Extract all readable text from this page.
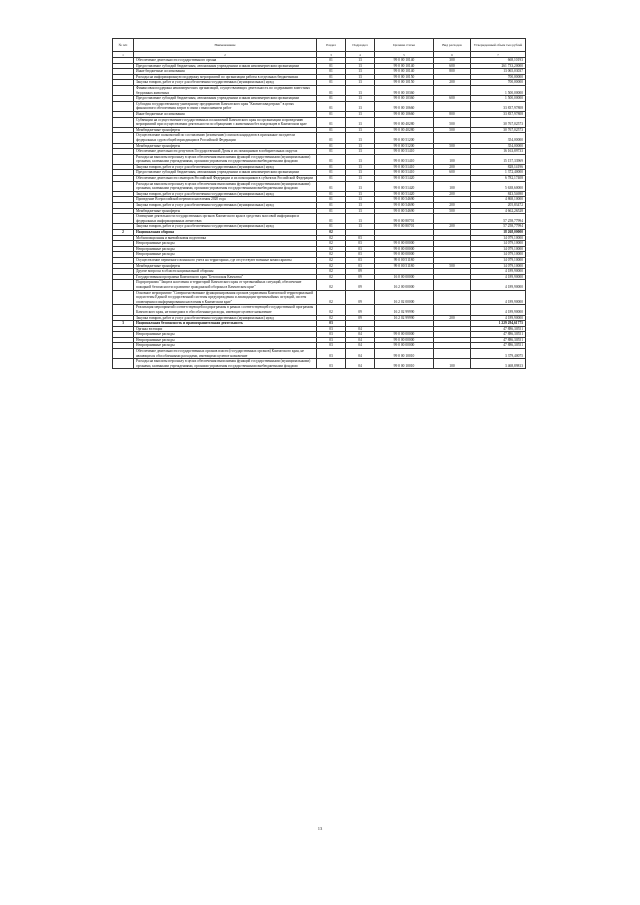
№ п/п	Наименование	Раздел	Подраздел	Целевая статья	Вид расходов	Утвержденный объем тыс.рублей
1	2	3	4	5	6	7
	Обеспечение деятельности государственного органа	01	13	99 0 00 10140	300	668,10193
	Предоставление субсидий бюджетным, автономным учреждениям и иным некоммерческим организациям	01	13	99 0 00 10140	600	261 733,20000
	Иные бюджетные ассигнования	01	13	99 0 00 10140	800	13 065,03037
	Расходы на информационную поддержку мероприятий по организации работы в отдельных бюджетниках	01	13	99 0 00 10150		700,00000
	Закупка товаров, работ и услуг для обеспечения государственных (муниципальных) нужд	01	13	99 0 00 10150	200	700,00000
	Финансовая поддержка некоммерческих организаций, осуществляющих деятельность по содержанию заместных бездомных животных	01	13	99 0 00 10360		1 500,00000
	Предоставление субсидий бюджетным, автономным учреждениям и иным некоммерческим организациям	01	13	99 0 00 10360	600	1 500,00000
	Субсидия государственному унитарному предприятию Камчатского края "Камчатсквадотранс" в целях финансового обеспечения затрат в связи с выполнением работ	01	13	99 0 00 10660		33 837,97808
	Иные бюджетные ассигнования	01	13	99 0 00 10660	800	33 837,97808
	Субвенции на осуществление государственных полномочий Камчатского края по организации и проведению мероприятий при осуществлении деятельности по обращению с животными без владельцев в Камчатском крае	01	13	99 0 00 40280	500	30 767,02573
	Межбюджетные трансферты	01	13	99 0 00 40280	500	30 767,02573
	Осуществление полномочий по составлению (изменению) списков кандидатов в присяжные заседатели федеральных судов общей юрисдикции в Российской Федерации	01	13	99 0 00 51200		354,00000
	Межбюджетные трансферты	01	13	99 0 00 51200	500	354,00000
	Обеспечение деятельности депутатов Государственной Думы и их помощников в избирательных округах	01	13	99 0 00 51410		16 163,89733
	Расходы на выплаты персоналу в целях обеспечения выполнения функций государственными (муниципальными) органами, казенными учреждениями, органами управления государственными внебюджетными фондами	01	13	99 0 00 51410	100	15 157,33969
	Закупка товаров, работ и услуг для обеспечения государственных (муниципальных) нужд	01	13	99 0 00 51410	200	828,14196
	Предоставление субсидий бюджетным, автономным учреждениям и иным некоммерческим организациям	01	13	99 0 00 51410	600	1 372,40000
	Обеспечение деятельности сенаторов Российской Федерации и их помощников в субъектах Российской Федерации	01	13	99 0 00 51420		6 782,17408
	Расходы на выплаты персоналу в целях обеспечения выполнения функций государственными (муниципальными) органами, казенными учреждениями, органами управления государственными внебюджетными фондами	01	13	99 0 00 51420	100	5 638,60000
	Закупка товаров, работ и услуг для обеспечения государственных (муниципальных) нужд	01	13	99 0 00 51420	200	843,54690
	Проведение Всероссийской переписи населения 2020 года	01	13	99 0 00 54690		4 868,10000
	Закупка товаров, работ и услуг для обеспечения государственных (муниципальных) нужд	01	13	99 0 00 54690	200	205,83472
	Межбюджетные трансферты	01	13	99 0 00 54690	500	4 662,26528
	Освещение деятельности государственных органов Камчатского края в средствах массовой информации и федеральных информационных агентствах	01	13	99 0 00 80701		57 258,77994
	Закупка товаров, работ и услуг для обеспечения государственных (муниципальных) нужд	01	13	99 0 00 80701	200	57 258,77994
2	Национальная оборона	02				18 268,00000
	Мобилизационная и вневойсковая подготовка	02	03			14 079,10000
	Непрограммные расходы	02	03	99 0 00 00000		14 079,10000
	Непрограммные расходы	02	03	99 0 00 00000		14 079,10000
	Непрограммные расходы	02	03	99 0 00 00000		14 079,10000
	Осуществление первичного воинского учета на территориях, где отсутствуют военные комиссариаты	02	03	99 0 00 51180		14 079,10000
	Межбюджетные трансферты	02	03	99 0 00 51180	500	14 079,10000
	Другие вопросы в области национальной обороны	02	09			4 189,90000
	Государственная программа Камчатского края "Безопасная Камчатка"	02	09	16 0 00 00000		4 189,90000
	Подпрограмма "Защита населения и территорий Камчатского края от чрезвычайных ситуаций, обеспечение пожарной безопасности и развитие гражданской обороны в Камчатском крае"	02	09	16 2 00 00000		4 189,90000
	Основное мероприятие "Совершенствование функционирования органов управления Камчатской территориальной подсистемы Единой государственной системы предупреждения и ликвидации чрезвычайных ситуаций, систем оповещения и информирования населения в Камчатском крае"	02	09	16 2 02 00000		4 189,90000
	Реализация мероприятий соответствующей подпрограммы в рамках соответствующей государственной программы Камчатского края, не вошедших в обособленные расходы, имеющие целевое назначение	02	09	16 2 02 99990		4 189,90000
	Закупка товаров, работ и услуг для обеспечения государственных (муниципальных) нужд	02	09	16 2 02 99990	200	4 189,90000
3	Национальная безопасность и правоохранительная деятельность	03				1 229 294,61775
	Органы юстиции	03	04			47 886,30551
	Непрограммные расходы	03	04	99 0 00 00000		47 886,30551
	Непрограммные расходы	03	04	99 0 00 00000		47 886,30551
	Непрограммные расходы	03	04	99 0 00 00000		47 886,30551
	Обеспечение деятельности государственных органов власти (государственных органов) Камчатского края, не являющихся обособленными расходами, имеющими целевое назначение	03	04	99 0 00 10010		3 379,40075
	Расходы на выплаты персоналу в целях обеспечения выполнения функций государственными (муниципальными) органами, казенными учреждениями, органами управления государственными внебюджетными фондами	03	04	99 0 00 10010	100	3 468,89813
13
